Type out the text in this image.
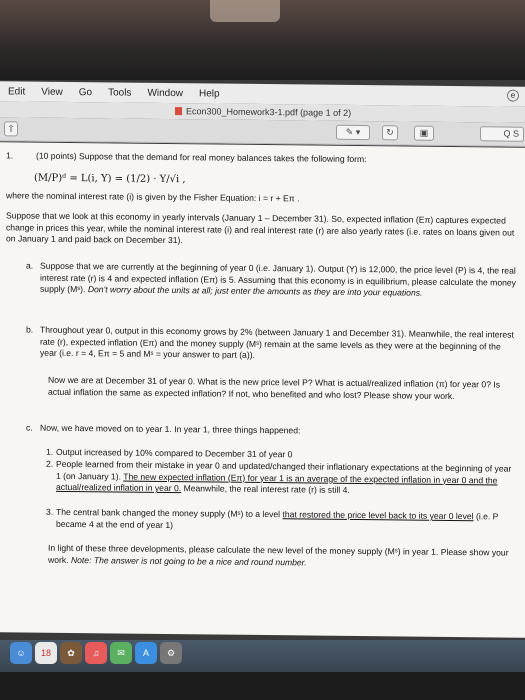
Edit View Go Tools Window Help	e
Econ300_Homework3-1.pdf (page 1 of 2)
⇧	✎ ▾	↻	▣	Q S
1.	(10 points) Suppose that the demand for real money balances takes the following form:
(M/P)ᵈ = L(i, Y) = (1/2) · Y/√i ,
where the nominal interest rate (i) is given by the Fisher Equation: i = r + Eπ .
Suppose that we look at this economy in yearly intervals (January 1 – December 31). So, expected inflation (Eπ) captures expected change in prices this year, while the nominal interest rate (i) and real interest rate (r) are also yearly rates (i.e. rates on loans given out on January 1 and paid back on December 31).
a. Suppose that we are currently at the beginning of year 0 (i.e. January 1). Output (Y) is 12,000, the price level (P) is 4, the real interest rate (r) is 4 and expected inflation (Eπ) is 5. Assuming that this economy is in equilibrium, please calculate the money supply (Mˢ). Don't worry about the units at all; just enter the amounts as they are into your equations.
b. Throughout year 0, output in this economy grows by 2% (between January 1 and December 31). Meanwhile, the real interest rate (r), expected inflation (Eπ) and the money supply (Mˢ) remain at the same levels as they were at the beginning of the year (i.e. r = 4, Eπ = 5 and Mˢ = your answer to part (a)).
Now we are at December 31 of year 0. What is the new price level P? What is actual/realized inflation (π) for year 0? Is actual inflation the same as expected inflation? If not, who benefited and who lost? Please show your work.
c. Now, we have moved on to year 1. In year 1, three things happened:
1. Output increased by 10% compared to December 31 of year 0
2. People learned from their mistake in year 0 and updated/changed their inflationary expectations at the beginning of year 1 (on January 1). The new expected inflation (Eπ) for year 1 is an average of the expected inflation in year 0 and the actual/realized inflation in year 0. Meanwhile, the real interest rate (r) is still 4.
3. The central bank changed the money supply (Mˢ) to a level that restored the price level back to its year 0 level (i.e. P became 4 at the end of year 1)
In light of these three developments, please calculate the new level of the money supply (Mˢ) in year 1. Please show your work. Note: The answer is not going to be a nice and round number.
☺	18	✿	♫	✉	A	⚙
